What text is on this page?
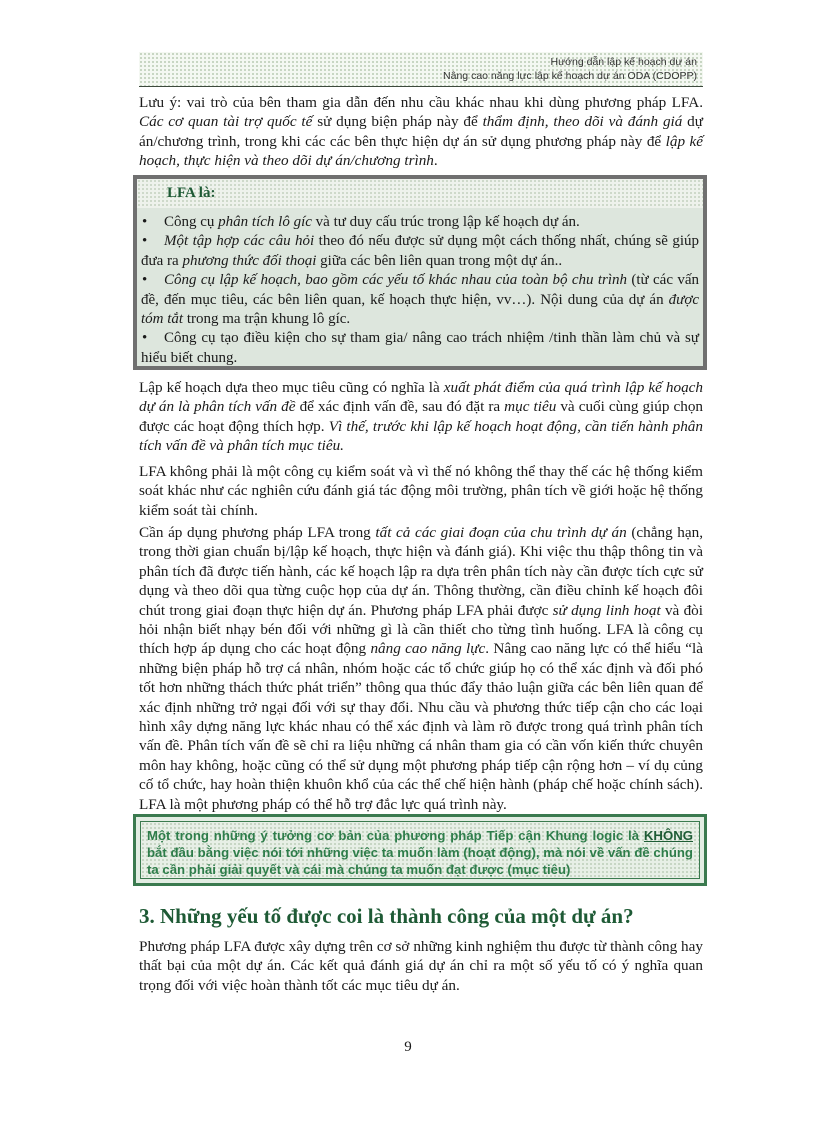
Hướng dẫn lập kế hoạch dự án
Nâng cao năng lực lập kế hoạch dự án ODA (CDOPP)

Lưu ý: vai trò của bên tham gia dẫn đến nhu cầu khác nhau khi dùng phương pháp LFA. Các cơ quan tài trợ quốc tế sử dụng biện pháp này để thẩm định, theo dõi và đánh giá dự án/chương trình, trong khi các các bên thực hiện dự án sử dụng phương pháp này để lập kế hoạch, thực hiện và theo dõi dự án/chương trình.

LFA là:
• Công cụ phân tích lô gíc và tư duy cấu trúc trong lập kế hoạch dự án.
• Một tập hợp các câu hỏi theo đó nếu được sử dụng một cách thống nhất, chúng sẽ giúp đưa ra phương thức đối thoại giữa các bên liên quan trong một dự án..
• Công cụ lập kế hoạch, bao gồm các yếu tố khác nhau của toàn bộ chu trình (từ các vấn đề, đến mục tiêu, các bên liên quan, kế hoạch thực hiện, vv…). Nội dung của dự án được tóm tắt trong ma trận khung lô gíc.
• Công cụ tạo điều kiện cho sự tham gia/ nâng cao trách nhiệm /tinh thần làm chủ và sự hiểu biết chung.

Lập kế hoạch dựa theo mục tiêu cũng có nghĩa là xuất phát điểm của quá trình lập kế hoạch dự án là phân tích vấn đề để xác định vấn đề, sau đó đặt ra mục tiêu và cuối cùng giúp chọn được các hoạt động thích hợp. Vì thế, trước khi lập kế hoạch hoạt động, cần tiến hành phân tích vấn đề và phân tích mục tiêu.

LFA không phải là một công cụ kiểm soát và vì thế nó không thể thay thế các hệ thống kiểm soát khác như các nghiên cứu đánh giá tác động môi trường, phân tích về giới hoặc hệ thống kiểm soát tài chính.

Cần áp dụng phương pháp LFA trong tất cả các giai đoạn của chu trình dự án (chẳng hạn, trong thời gian chuẩn bị/lập kế hoạch, thực hiện và đánh giá). Khi việc thu thập thông tin và phân tích đã được tiến hành, các kế hoạch lập ra dựa trên phân tích này cần được tích cực sử dụng và theo dõi qua từng cuộc họp của dự án. Thông thường, cần điều chỉnh kế hoạch đôi chút trong giai đoạn thực hiện dự án. Phương pháp LFA phải được sử dụng linh hoạt và đòi hỏi nhận biết nhạy bén đối với những gì là cần thiết cho từng tình huống. LFA là công cụ thích hợp áp dụng cho các hoạt động nâng cao năng lực. Nâng cao năng lực có thể hiểu “là những biện pháp hỗ trợ cá nhân, nhóm hoặc các tổ chức giúp họ có thể xác định và đối phó tốt hơn những thách thức phát triển” thông qua thúc đẩy thảo luận giữa các bên liên quan để xác định những trở ngại đối với sự thay đổi. Nhu cầu và phương thức tiếp cận cho các loại hình xây dựng năng lực khác nhau có thể xác định và làm rõ được trong quá trình phân tích vấn đề. Phân tích vấn đề sẽ chỉ ra liệu những cá nhân tham gia có cần vốn kiến thức chuyên môn hay không, hoặc cũng có thể sử dụng một phương pháp tiếp cận rộng hơn – ví dụ củng cố tổ chức, hay hoàn thiện khuôn khổ của các thể chế hiện hành (pháp chế hoặc chính sách). LFA là một phương pháp có thể hỗ trợ đắc lực quá trình này.

Một trong những ý tưởng cơ bản của phương pháp Tiếp cận Khung logic là KHÔNG bắt đầu bằng việc nói tới những việc ta muốn làm (hoạt động), mà nói về vấn đề chúng ta cần phải giải quyết và cái mà chúng ta muốn đạt được (mục tiêu)

3. Những yếu tố được coi là thành công của một dự án?

Phương pháp LFA được xây dựng trên cơ sở những kinh nghiệm thu được từ thành công hay thất bại của một dự án. Các kết quả đánh giá dự án chỉ ra một số yếu tố có ý nghĩa quan trọng đối với việc hoàn thành tốt các mục tiêu dự án.

9
